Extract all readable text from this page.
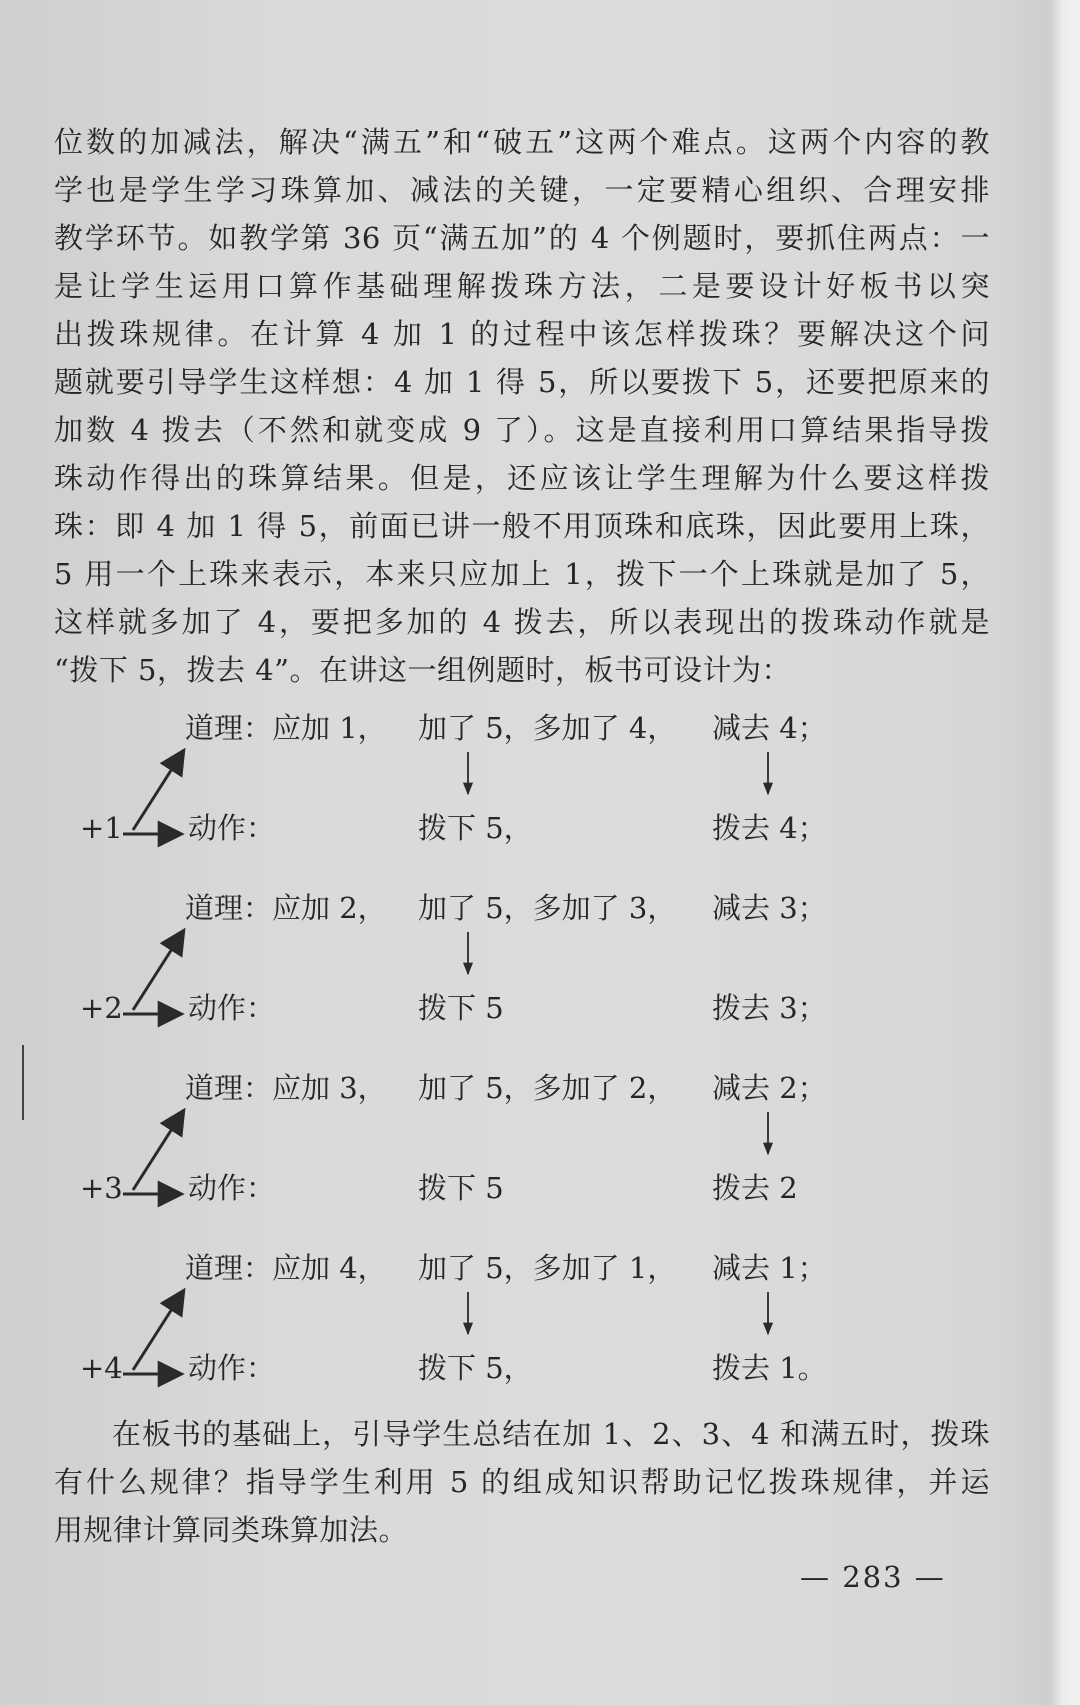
位数的加减法，解决“满五”和“破五”这两个难点。这两个内容的教
学也是学生学习珠算加、减法的关键，一定要精心组织、合理安排
教学环节。如教学第 36 页“满五加”的 4 个例题时，要抓住两点：一
是让学生运用口算作基础理解拨珠方法，二是要设计好板书以突
出拨珠规律。在计算 4 加 1 的过程中该怎样拨珠？要解决这个问
题就要引导学生这样想：4 加 1 得 5，所以要拨下 5，还要把原来的
加数 4 拨去（不然和就变成 9 了）。这是直接利用口算结果指导拨
珠动作得出的珠算结果。但是，还应该让学生理解为什么要这样拨
珠：即 4 加 1 得 5，前面已讲一般不用顶珠和底珠，因此要用上珠，
5 用一个上珠来表示，本来只应加上 1，拨下一个上珠就是加了 5，
这样就多加了 4，要把多加的 4 拨去，所以表现出的拨珠动作就是
“拨下 5，拨去 4”。在讲这一组例题时，板书可设计为：

道理：应加 1， 加了 5，多加了 4， 减去 4；
+1 动作：	拨下 5，	拨去 4；
道理：应加 2， 加了 5，多加了 3， 减去 3；
+2 动作：	拨下 5	拨去 3；
道理：应加 3， 加了 5，多加了 2， 减去 2；
+3 动作：	拨下 5	拨去 2
道理：应加 4， 加了 5，多加了 1， 减去 1；
+4 动作：	拨下 5，	拨去 1。

在板书的基础上，引导学生总结在加 1、2、3、4 和满五时，拨珠
有什么规律？指导学生利用 5 的组成知识帮助记忆拨珠规律，并运
用规律计算同类珠算加法。

— 283 —
